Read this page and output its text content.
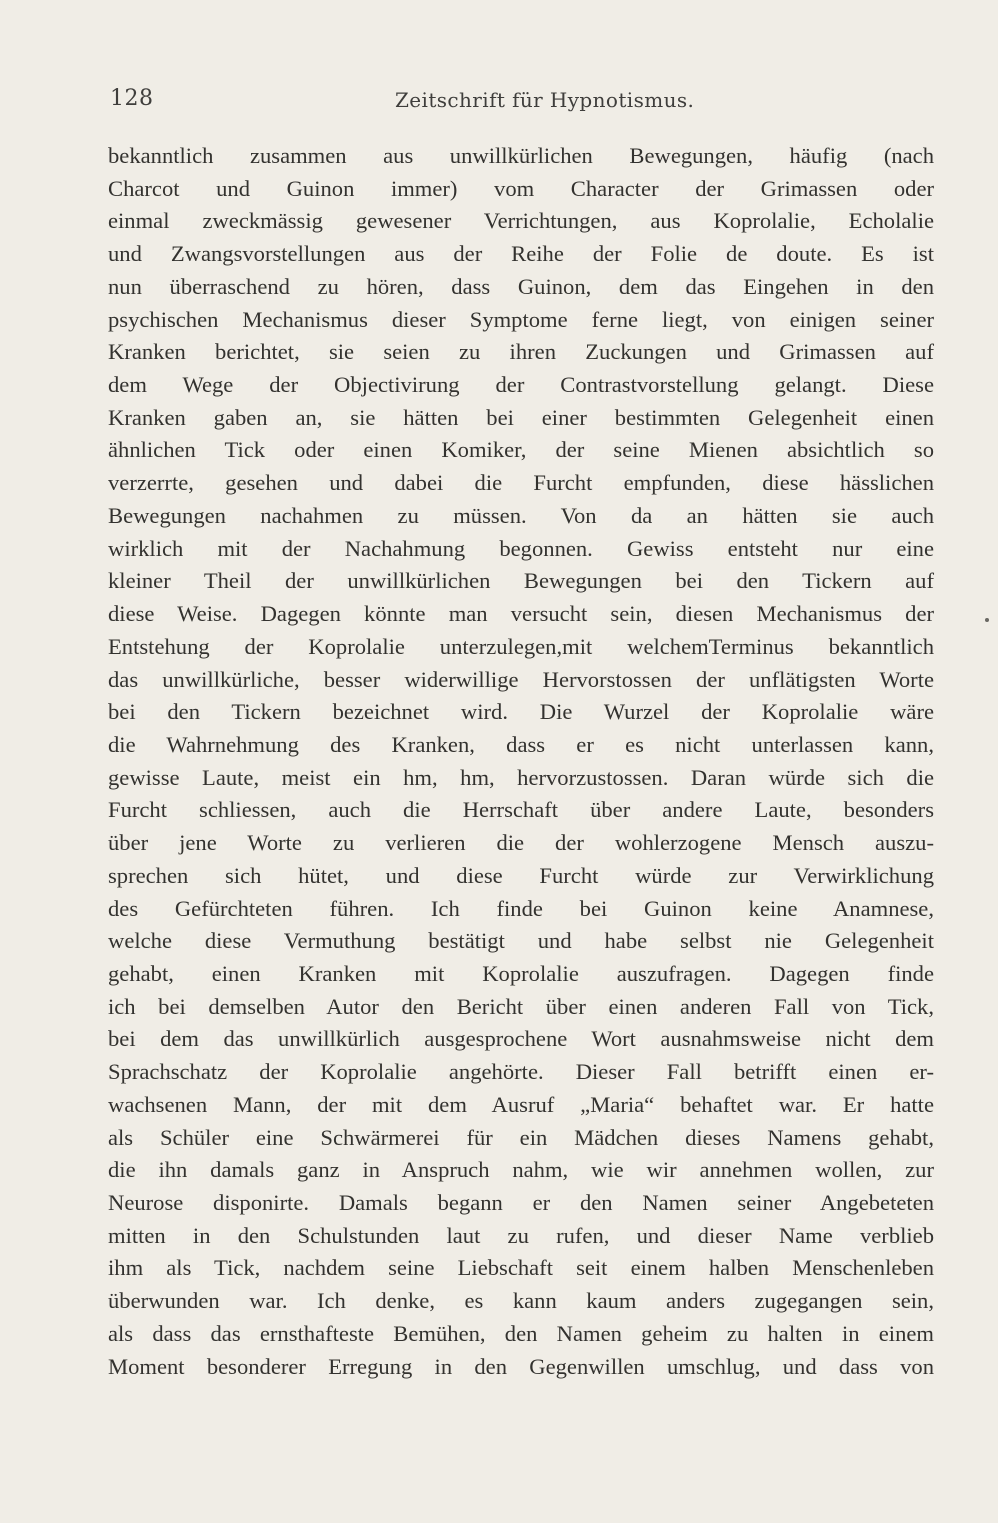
128	Zeitschrift für Hypnotismus.
bekanntlich zusammen aus unwillkürlichen Bewegungen, häufig (nach
Charcot und Guinon immer) vom Character der Grimassen oder
einmal zweckmässig gewesener Verrichtungen, aus Koprolalie, Echolalie
und Zwangsvorstellungen aus der Reihe der Folie de doute. Es ist
nun überraschend zu hören, dass Guinon, dem das Eingehen in den
psychischen Mechanismus dieser Symptome ferne liegt, von einigen seiner
Kranken berichtet, sie seien zu ihren Zuckungen und Grimassen auf
dem Wege der Objectivirung der Contrastvorstellung gelangt. Diese
Kranken gaben an, sie hätten bei einer bestimmten Gelegenheit einen
ähnlichen Tick oder einen Komiker, der seine Mienen absichtlich so
verzerrte, gesehen und dabei die Furcht empfunden, diese hässlichen
Bewegungen nachahmen zu müssen. Von da an hätten sie auch
wirklich mit der Nachahmung begonnen. Gewiss entsteht nur eine
kleiner Theil der unwillkürlichen Bewegungen bei den Tickern auf
diese Weise. Dagegen könnte man versucht sein, diesen Mechanismus der
Entstehung der Koprolalie unterzulegen,mit welchemTerminus bekanntlich
das unwillkürliche, besser widerwillige Hervorstossen der unflätigsten Worte
bei den Tickern bezeichnet wird. Die Wurzel der Koprolalie wäre
die Wahrnehmung des Kranken, dass er es nicht unterlassen kann,
gewisse Laute, meist ein hm, hm, hervorzustossen. Daran würde sich die
Furcht schliessen, auch die Herrschaft über andere Laute, besonders
über jene Worte zu verlieren die der wohlerzogene Mensch auszu-
sprechen sich hütet, und diese Furcht würde zur Verwirklichung
des Gefürchteten führen. Ich finde bei Guinon keine Anamnese,
welche diese Vermuthung bestätigt und habe selbst nie Gelegenheit
gehabt, einen Kranken mit Koprolalie auszufragen. Dagegen finde
ich bei demselben Autor den Bericht über einen anderen Fall von Tick,
bei dem das unwillkürlich ausgesprochene Wort ausnahmsweise nicht dem
Sprachschatz der Koprolalie angehörte. Dieser Fall betrifft einen er-
wachsenen Mann, der mit dem Ausruf „Maria“ behaftet war. Er hatte
als Schüler eine Schwärmerei für ein Mädchen dieses Namens gehabt,
die ihn damals ganz in Anspruch nahm, wie wir annehmen wollen, zur
Neurose disponirte. Damals begann er den Namen seiner Angebeteten
mitten in den Schulstunden laut zu rufen, und dieser Name verblieb
ihm als Tick, nachdem seine Liebschaft seit einem halben Menschenleben
überwunden war. Ich denke, es kann kaum anders zugegangen sein,
als dass das ernsthafteste Bemühen, den Namen geheim zu halten in einem
Moment besonderer Erregung in den Gegenwillen umschlug, und dass von
